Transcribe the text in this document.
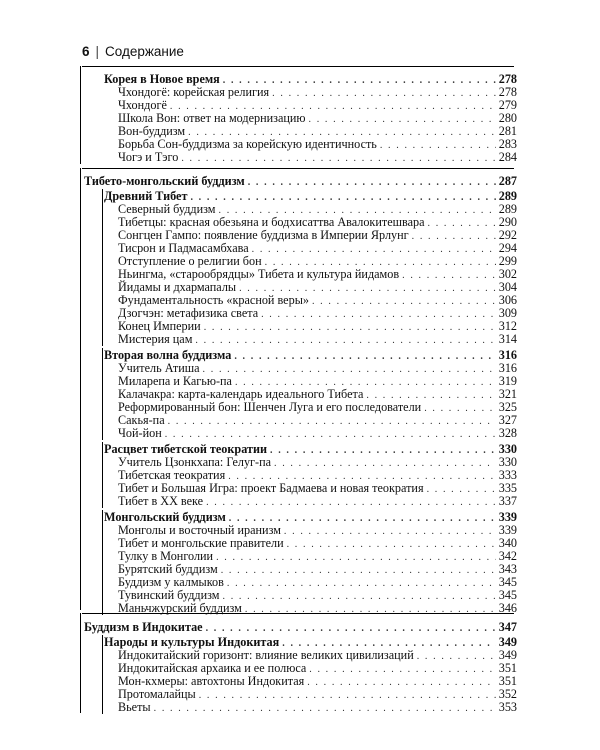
6 | Содержание
Корея в Новое время . . .	278
Чхондогё: корейская религия . . .	278
Чхондогё . . .	279
Школа Вон: ответ на модернизацию . . .	280
Вон-буддизм . . .	281
Борьба Сон-буддизма за корейскую идентичность . . .	283
Чогэ и Тэго . . .	284
Тибето-монгольский буддизм . . .	287
Древний Тибет . . .	289
Северный буддизм . . .	289
Тибетцы: красная обезьяна и бодхисаттва Авалокитешвара . . .	290
Сонгцен Гампо: появление буддизма в Империи Ярлунг . . .	292
Тисрон и Падмасамбхава . . .	294
Отступление о религии бон . . .	299
Ньингма, «старообрядцы» Тибета и культура йидамов . . .	302
Йидамы и дхармапалы . . .	304
Фундаментальность «красной веры» . . .	306
Дзогчэн: метафизика света . . .	309
Конец Империи . . .	312
Мистерия цам . . .	314
Вторая волна буддизма . . .	316
Учитель Атиша . . .	316
Миларепа и Кагью-па . . .	319
Калачакра: карта-календарь идеального Тибета . . .	321
Реформированный бон: Шенчен Луга и его последователи . . .	325
Сакья-па . . .	327
Чой-йон . . .	328
Расцвет тибетской теократии . . .	330
Учитель Цзонкхапа: Гелуг-па . . .	330
Тибетская теократия . . .	333
Тибет и Большая Игра: проект Бадмаева и новая теократия . . .	335
Тибет в XX веке . . .	337
Монгольский буддизм . . .	339
Монголы и восточный иранизм . . .	339
Тибет и монгольские правители . . .	340
Тулку в Монголии . . .	342
Бурятский буддизм . . .	343
Буддизм у калмыков . . .	345
Тувинский буддизм . . .	345
Маньчжурский буддизм . . .	346
Буддизм в Индокитае . . .	347
Народы и культуры Индокитая . . .	349
Индокитайский горизонт: влияние великих цивилизаций . . .	349
Индокитайская архаика и ее полюса . . .	351
Мон-кхмеры: автохтоны Индокитая . . .	351
Протомалайцы . . .	352
Вьеты . . .	353
